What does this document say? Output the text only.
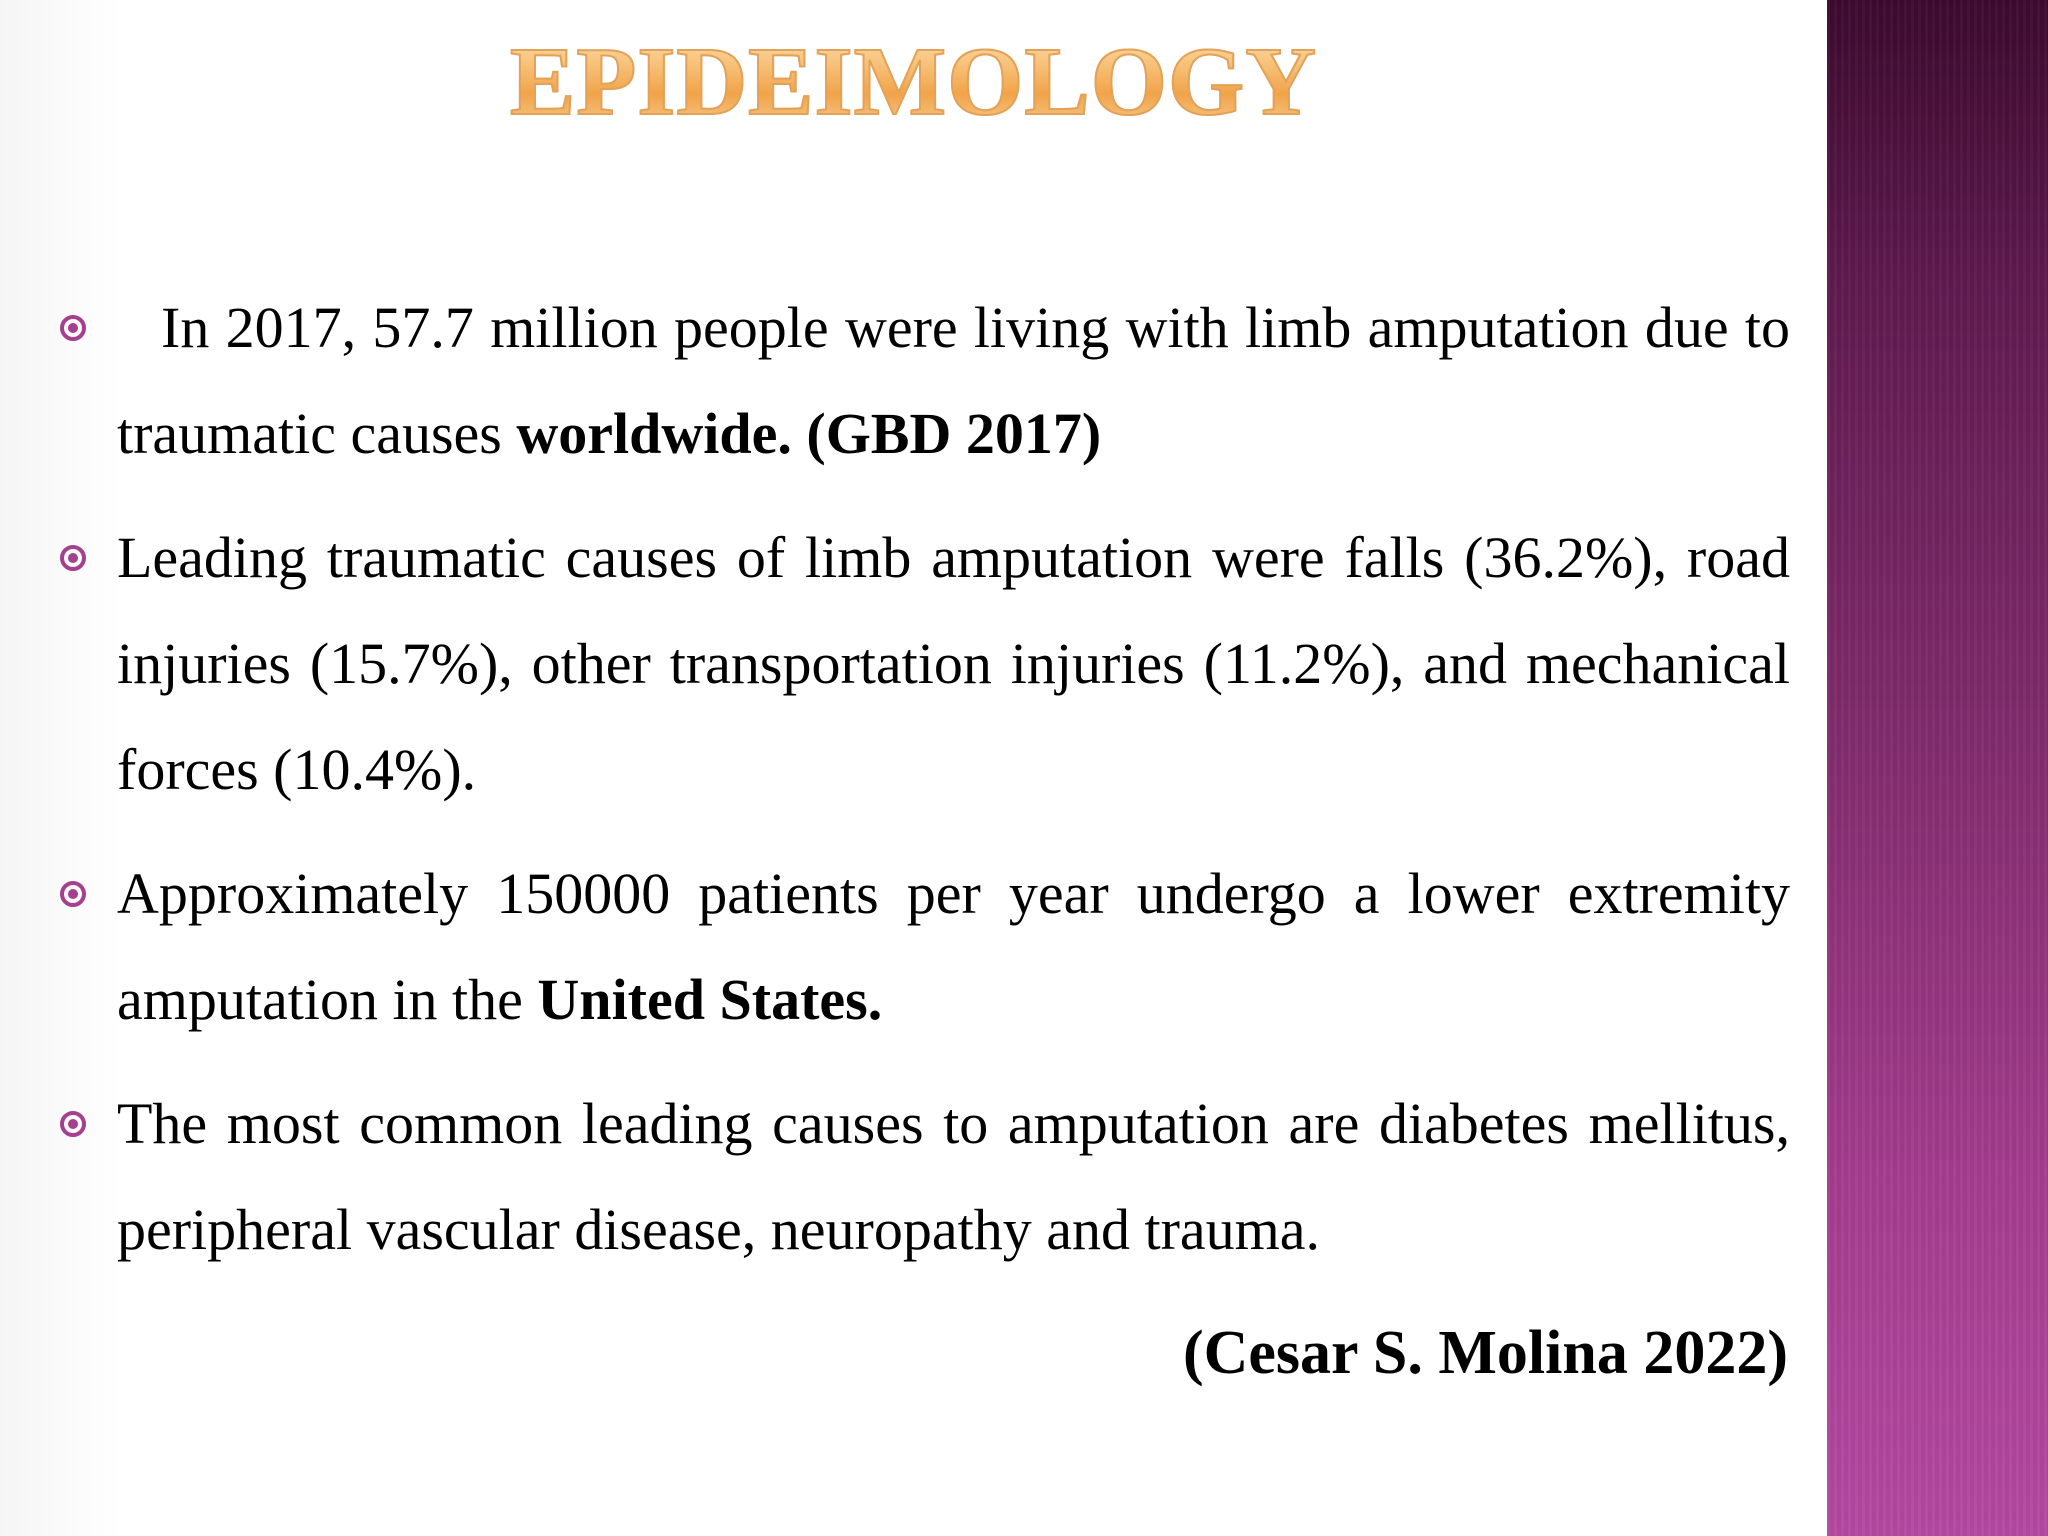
EPIDEIMOLOGY
In 2017, 57.7 million people were living with limb amputation due to traumatic causes worldwide. (GBD 2017)
Leading traumatic causes of limb amputation were falls (36.2%), road injuries (15.7%), other transportation injuries (11.2%), and mechanical forces (10.4%).
Approximately 150000 patients per year undergo a lower extremity amputation in the United States.
The most common leading causes to amputation are diabetes mellitus, peripheral vascular disease, neuropathy and trauma.
(Cesar S. Molina 2022)
